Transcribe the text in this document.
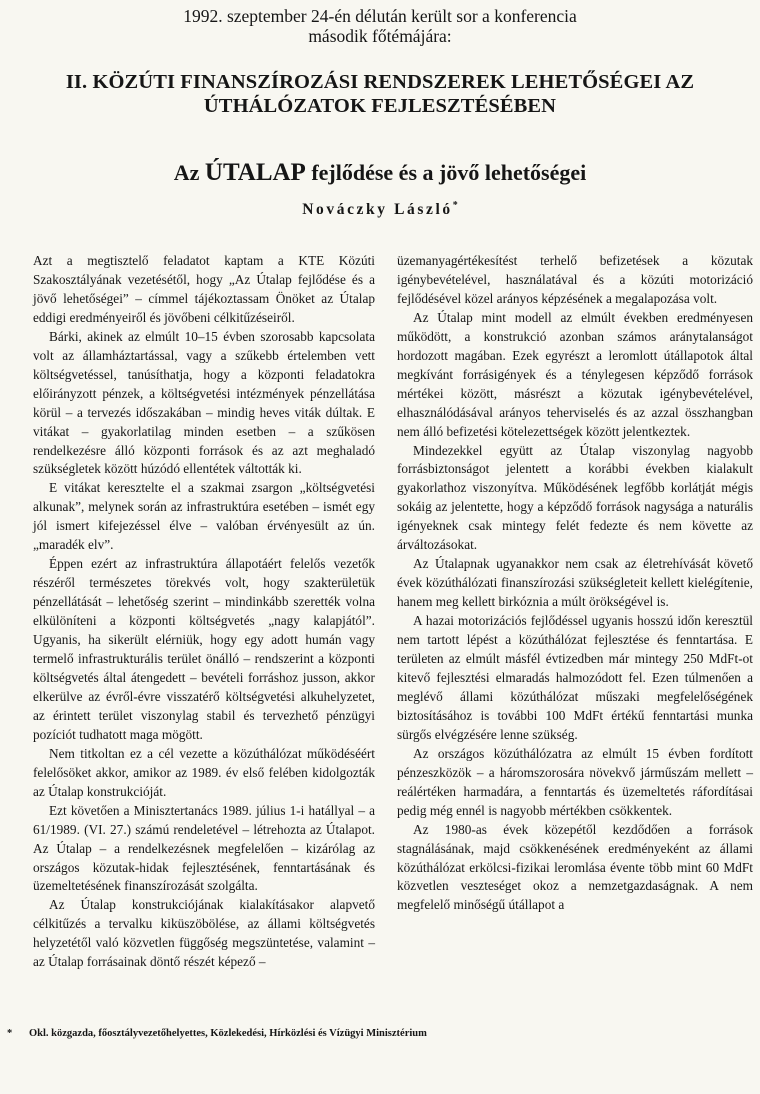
1992. szeptember 24-én délután került sor a konferencia
második főtémájára:
II. KÖZÚTI FINANSZÍROZÁSI RENDSZEREK LEHETŐSÉGEI AZ
ÚTHÁLÓZATOK FEJLESZTÉSÉBEN
Az ÚTALAP fejlődése és a jövő lehetőségei
Nováczky László*

Azt a megtisztelő feladatot kaptam a KTE Közúti Szakosztályának vezetésétől, hogy „Az Útalap fejlődése és a jövő lehetőségei” – címmel tájékoztassam Önöket az Útalap eddigi eredményeiről és jövőbeni célkitűzéseiről.

Bárki, akinek az elmúlt 10–15 évben szorosabb kapcsolata volt az államháztartással, vagy a szűkebb értelemben vett költségvetéssel, tanúsíthatja, hogy a központi feladatokra előirányzott pénzek, a költségvetési intézmények pénzellátása körül – a tervezés időszakában – mindig heves viták dúltak. E vitákat – gyakorlatilag minden esetben – a szűkösen rendelkezésre álló központi források és az azt meghaladó szükségletek között húzódó ellentétek váltották ki.

E vitákat keresztelte el a szakmai zsargon „költségvetési alkunak”, melynek során az infrastruktúra esetében – ismét egy jól ismert kifejezéssel élve – valóban érvényesült az ún. „maradék elv”.

Éppen ezért az infrastruktúra állapotáért felelős vezetők részéről természetes törekvés volt, hogy szakterületük pénzellátását – lehetőség szerint – mindinkább szerették volna elkülöníteni a központi költségvetés „nagy kalapjától”. Ugyanis, ha sikerült elérniük, hogy egy adott humán vagy termelő infrastrukturális terület önálló – rendszerint a központi költségvetés által átengedett – bevételi forráshoz jusson, akkor elkerülve az évről-évre visszatérő költségvetési alkuhelyzetet, az érintett terület viszonylag stabil és tervezhető pénzügyi pozíciót tudhatott maga mögött.

Nem titkoltan ez a cél vezette a közúthálózat működéséért felelősöket akkor, amikor az 1989. év első felében kidolgozták az Útalap konstrukcióját.

Ezt követően a Minisztertanács 1989. július 1-i hatállyal – a 61/1989. (VI. 27.) számú rendeletével – létrehozta az Útalapot. Az Útalap – a rendelkezésnek megfelelően – kizárólag az országos közutak-hidak fejlesztésének, fenntartásának és üzemeltetésének finanszírozását szolgálta.

Az Útalap konstrukciójának kialakításakor alapvető célkitűzés a tervalku kiküszöbölése, az állami költségvetés helyzetétől való közvetlen függőség megszüntetése, valamint – az Útalap forrásainak döntő részét képező –

üzemanyagértékesítést terhelő befizetések a közutak igénybevételével, használatával és a közúti motorizáció fejlődésével közel arányos képzésének a megalapozása volt.

Az Útalap mint modell az elmúlt években eredményesen működött, a konstrukció azonban számos aránytalanságot hordozott magában. Ezek egyrészt a leromlott útállapotok által megkívánt forrásigények és a ténylegesen képződő források mértékei között, másrészt a közutak igénybevételével, elhasználódásával arányos teherviselés és az azzal összhangban nem álló befizetési kötelezettségek között jelentkeztek.

Mindezekkel együtt az Útalap viszonylag nagyobb forrásbiztonságot jelentett a korábbi években kialakult gyakorlathoz viszonyítva. Működésének legfőbb korlátját mégis sokáig az jelentette, hogy a képződő források nagysága a naturális igényeknek csak mintegy felét fedezte és nem követte az árváltozásokat.

Az Útalapnak ugyanakkor nem csak az életrehívását követő évek közúthálózati finanszírozási szükségleteit kellett kielégítenie, hanem meg kellett birkóznia a múlt örökségével is.

A hazai motorizációs fejlődéssel ugyanis hosszú időn keresztül nem tartott lépést a közúthálózat fejlesztése és fenntartása. E területen az elmúlt másfél évtizedben már mintegy 250 MdFt-ot kitevő fejlesztési elmaradás halmozódott fel. Ezen túlmenően a meglévő állami közúthálózat műszaki megfelelőségének biztosításához is további 100 MdFt értékű fenntartási munka sürgős elvégzésére lenne szükség.

Az országos közúthálózatra az elmúlt 15 évben fordított pénzeszközök – a háromszorosára növekvő járműszám mellett – reálértéken harmadára, a fenntartás és üzemeltetés ráfordításai pedig még ennél is nagyobb mértékben csökkentek.

Az 1980-as évek közepétől kezdődően a források stagnálásának, majd csökkenésének eredményeként az állami közúthálózat erkölcsi-fizikai leromlása évente több mint 60 MdFt közvetlen veszteséget okoz a nemzetgazdaságnak. A nem megfelelő minőségű útállapot a

* Okl. közgazda, főosztályvezetőhelyettes, Közlekedési, Hírközlési és Vízügyi Minisztérium
